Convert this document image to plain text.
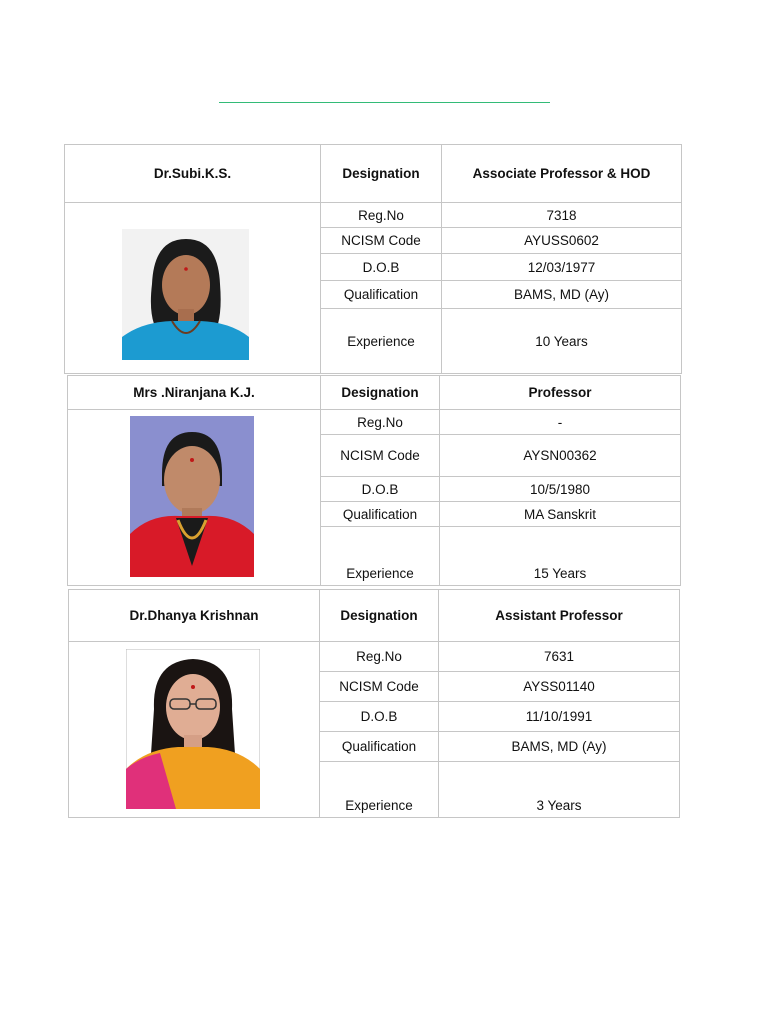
Dr.Subi.K.S.	Designation	Associate Professor & HOD

	Reg.No	7318
	NCISM Code	AYUSS0602
	D.O.B	12/03/1977
	Qualification	BAMS, MD (Ay)
	Experience	10 Years
Mrs .Niranjana K.J.	Designation	Professor

	Reg.No	-
	NCISM Code	AYSN00362
	D.O.B	10/5/1980
	Qualification	MA Sanskrit
	Experience	15 Years
Dr.Dhanya Krishnan	Designation	Assistant Professor

	Reg.No	7631
	NCISM Code	AYSS01140
	D.O.B	11/10/1991
	Qualification	BAMS, MD (Ay)
	Experience	3 Years
